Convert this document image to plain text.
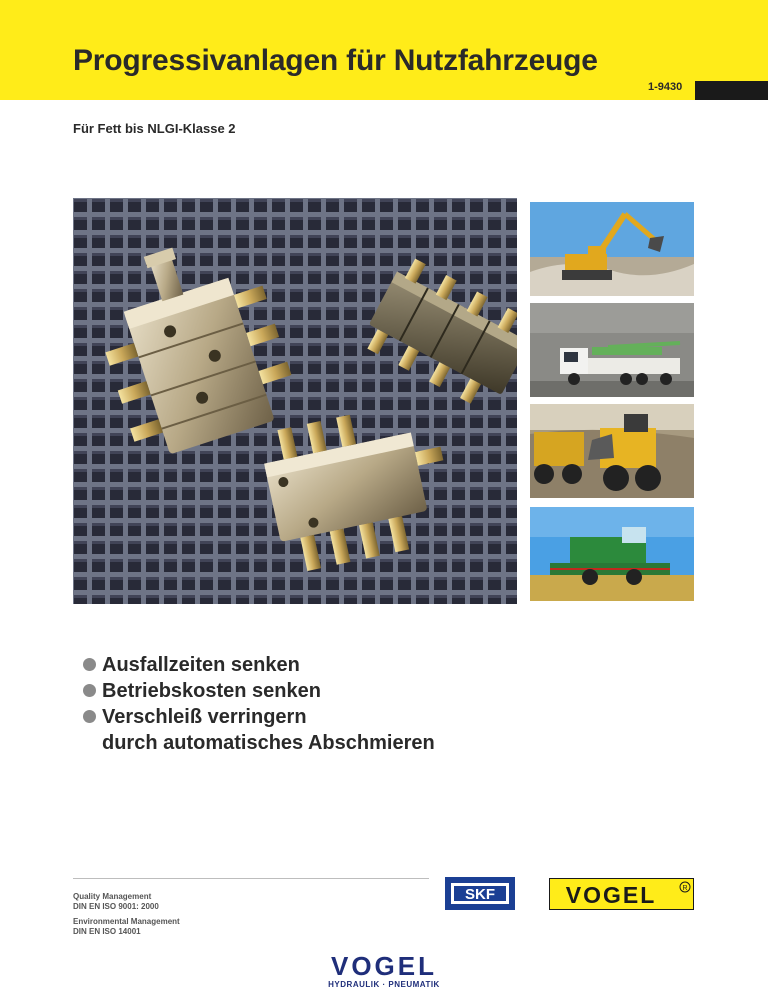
Progressivanlagen für Nutzfahrzeuge
1-9430
Für Fett bis NLGI-Klasse 2
Ausfallzeiten senken
Betriebskosten senken
Verschleiß verringern
durch automatisches Abschmieren
Quality Management
DIN EN ISO 9001: 2000
Environmental Management
DIN EN ISO 14001
SKF	VOGEL	R
VOGEL
HYDRAULIK · PNEUMATIK
